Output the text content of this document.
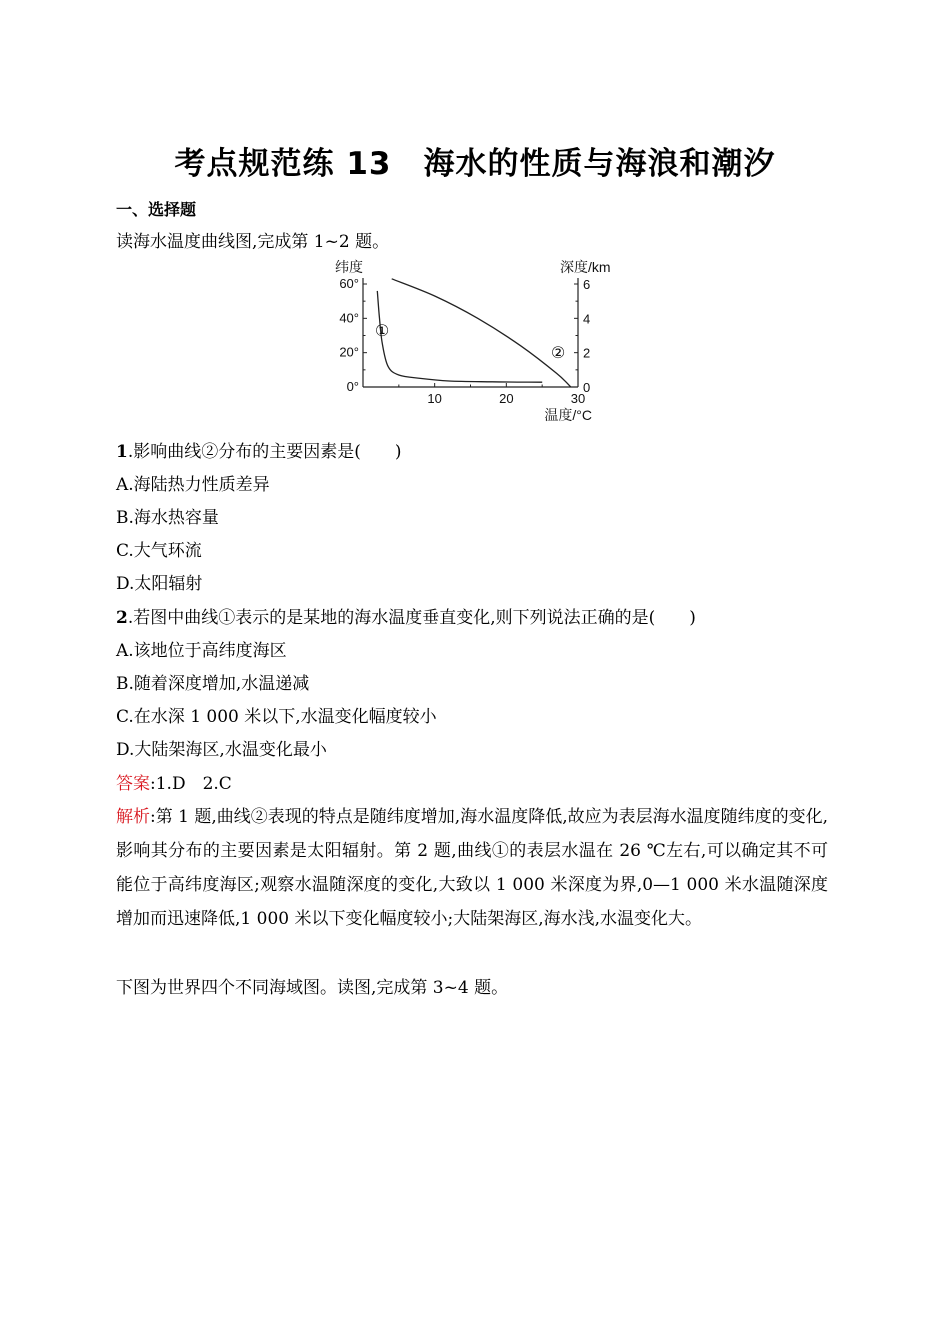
考点规范练 13　海水的性质与海浪和潮汐
一、选择题
读海水温度曲线图,完成第 1~2 题。
10	20	30
60°
40°
20°
0°
6
4
2
0
纬度	深度/km
温度/°C
①
②
1.影响曲线②分布的主要因素是(　　)
A.海陆热力性质差异
B.海水热容量
C.大气环流
D.太阳辐射
2.若图中曲线①表示的是某地的海水温度垂直变化,则下列说法正确的是(　　)
A.该地位于高纬度海区
B.随着深度增加,水温递减
C.在水深 1 000 米以下,水温变化幅度较小
D.大陆架海区,水温变化最小
答案:1.D　2.C
解析:第 1 题,曲线②表现的特点是随纬度增加,海水温度降低,故应为表层海水温度随纬度的变化,影响其分布的主要因素是太阳辐射。第 2 题,曲线①的表层水温在 26 ℃左右,可以确定其不可能位于高纬度海区;观察水温随深度的变化,大致以 1 000 米深度为界,0—1 000 米水温随深度增加而迅速降低,1 000 米以下变化幅度较小;大陆架海区,海水浅,水温变化大。
下图为世界四个不同海域图。读图,完成第 3~4 题。
